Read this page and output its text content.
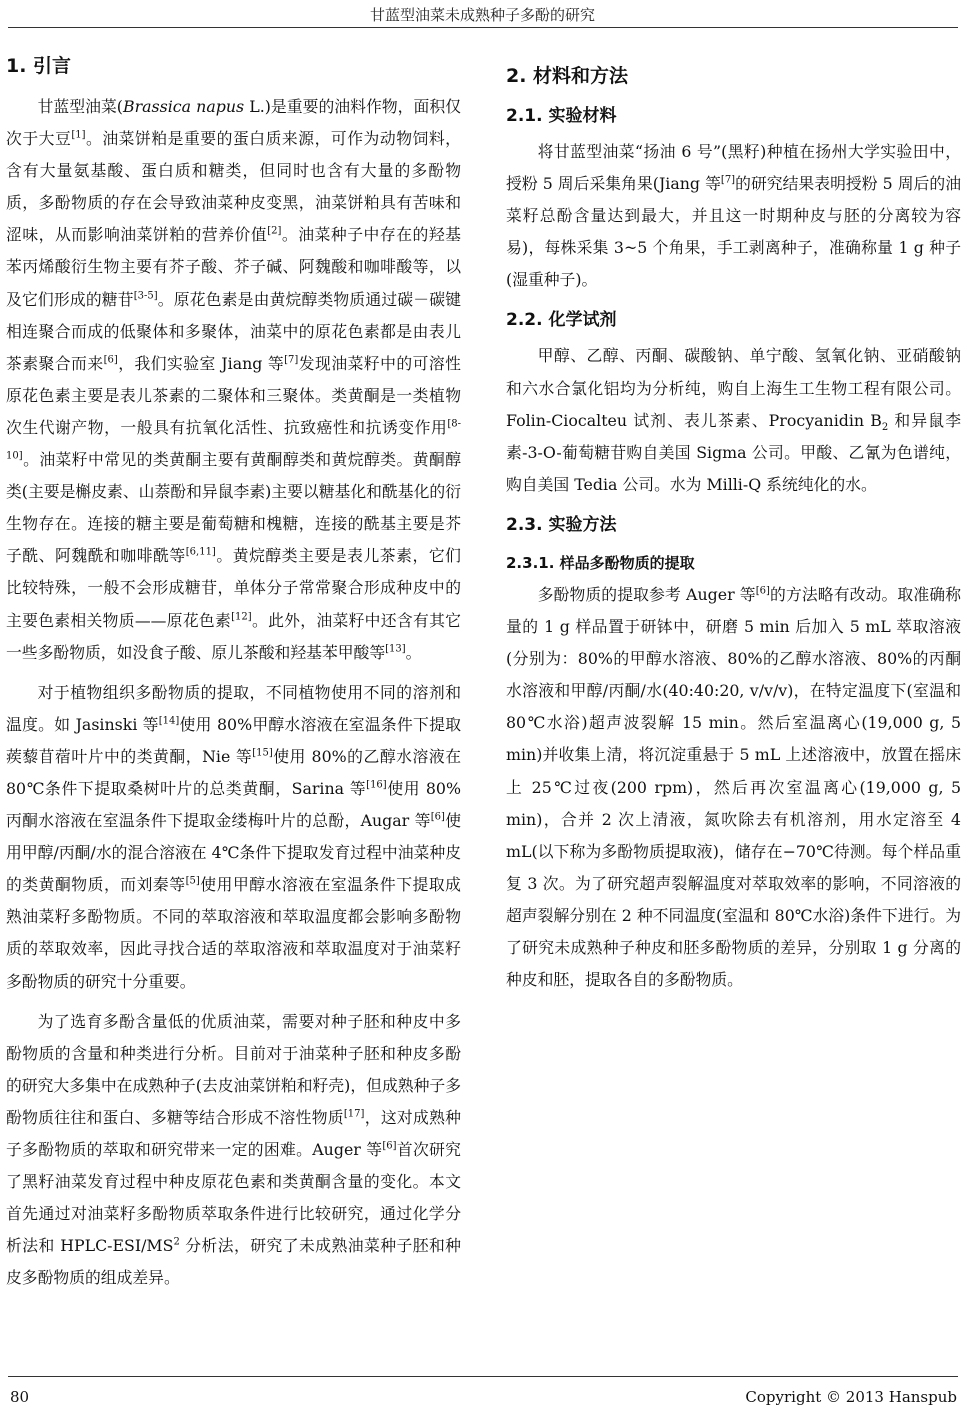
甘蓝型油菜未成熟种子多酚的研究
1. 引言

甘蓝型油菜(Brassica napus L.)是重要的油料作物，面积仅次于大豆[1]。油菜饼粕是重要的蛋白质来源，可作为动物饲料，含有大量氨基酸、蛋白质和糖类，但同时也含有大量的多酚物质，多酚物质的存在会导致油菜种皮变黑，油菜饼粕具有苦味和涩味，从而影响油菜饼粕的营养价值[2]。油菜种子中存在的羟基苯丙烯酸衍生物主要有芥子酸、芥子碱、阿魏酸和咖啡酸等，以及它们形成的糖苷[3-5]。原花色素是由黄烷醇类物质通过碳－碳键相连聚合而成的低聚体和多聚体，油菜中的原花色素都是由表儿茶素聚合而来[6]，我们实验室 Jiang 等[7]发现油菜籽中的可溶性原花色素主要是表儿茶素的二聚体和三聚体。类黄酮是一类植物次生代谢产物，一般具有抗氧化活性、抗致癌性和抗诱变作用[8-10]。油菜籽中常见的类黄酮主要有黄酮醇类和黄烷醇类。黄酮醇类(主要是槲皮素、山萘酚和异鼠李素)主要以糖基化和酰基化的衍生物存在。连接的糖主要是葡萄糖和槐糖，连接的酰基主要是芥子酰、阿魏酰和咖啡酰等[6,11]。黄烷醇类主要是表儿茶素，它们比较特殊，一般不会形成糖苷，单体分子常常聚合形成种皮中的主要色素相关物质——原花色素[12]。此外，油菜籽中还含有其它一些多酚物质，如没食子酸、原儿茶酸和羟基苯甲酸等[13]。

对于植物组织多酚物质的提取，不同植物使用不同的溶剂和温度。如 Jasinski 等[14]使用 80%甲醇水溶液在室温条件下提取蒺藜苜蓿叶片中的类黄酮，Nie 等[15]使用 80%的乙醇水溶液在 80℃条件下提取桑树叶片的总类黄酮，Sarina 等[16]使用 80%丙酮水溶液在室温条件下提取金缕梅叶片的总酚，Augar 等[6]使用甲醇/丙酮/水的混合溶液在 4℃条件下提取发育过程中油菜种皮的类黄酮物质，而刘秦等[5]使用甲醇水溶液在室温条件下提取成熟油菜籽多酚物质。不同的萃取溶液和萃取温度都会影响多酚物质的萃取效率，因此寻找合适的萃取溶液和萃取温度对于油菜籽多酚物质的研究十分重要。

为了选育多酚含量低的优质油菜，需要对种子胚和种皮中多酚物质的含量和种类进行分析。目前对于油菜种子胚和种皮多酚的研究大多集中在成熟种子(去皮油菜饼粕和籽壳)，但成熟种子多酚物质往往和蛋白、多糖等结合形成不溶性物质[17]，这对成熟种子多酚物质的萃取和研究带来一定的困难。Auger 等[6]首次研究了黑籽油菜发育过程中种皮原花色素和类黄酮含量的变化。本文首先通过对油菜籽多酚物质萃取条件进行比较研究，通过化学分析法和 HPLC-$ESI/MS^2$ 分析法，研究了未成熟油菜种子胚和种皮多酚物质的组成差异。

2. 材料和方法
2.1. 实验材料

将甘蓝型油菜“扬油 6 号”(黑籽)种植在扬州大学实验田中，授粉 5 周后采集角果(Jiang 等[7]的研究结果表明授粉 5 周后的油菜籽总酚含量达到最大，并且这一时期种皮与胚的分离较为容易)，每株采集 3~5 个角果，手工剥离种子，准确称量 1 g 种子(湿重种子)。

2.2. 化学试剂

甲醇、乙醇、丙酮、碳酸钠、单宁酸、氢氧化钠、亚硝酸钠和六水合氯化铝均为分析纯，购自上海生工生物工程有限公司。Folin-Ciocalteu 试剂、表儿茶素、Procyanidin $B_2$ 和异鼠李素-3-O-葡萄糖苷购自美国 Sigma 公司。甲酸、乙氰为色谱纯，购自美国 Tedia 公司。水为 Milli-Q 系统纯化的水。

2.3. 实验方法
2.3.1. 样品多酚物质的提取

多酚物质的提取参考 Auger 等[6]的方法略有改动。取准确称量的 1 g 样品置于研钵中，研磨 5 min 后加入 5 mL 萃取溶液(分别为：80%的甲醇水溶液、80%的乙醇水溶液、80%的丙酮水溶液和甲醇/丙酮/水(40:40:20, v/v/v)，在特定温度下(室温和 80℃水浴)超声波裂解 15 min。然后室温离心(19,000 g, 5 min)并收集上清，将沉淀重悬于 5 mL 上述溶液中，放置在摇床上 25℃过夜(200 rpm)，然后再次室温离心(19,000 g, 5 min)，合并 2 次上清液，氮吹除去有机溶剂，用水定溶至 4 mL(以下称为多酚物质提取液)，储存在−70℃待测。每个样品重复 3 次。为了研究超声裂解温度对萃取效率的影响，不同溶液的超声裂解分别在 2 种不同温度(室温和 80℃水浴)条件下进行。为了研究未成熟种子种皮和胚多酚物质的差异，分别取 1 g 分离的种皮和胚，提取各自的多酚物质。

80	Copyright © 2013 Hanspub
